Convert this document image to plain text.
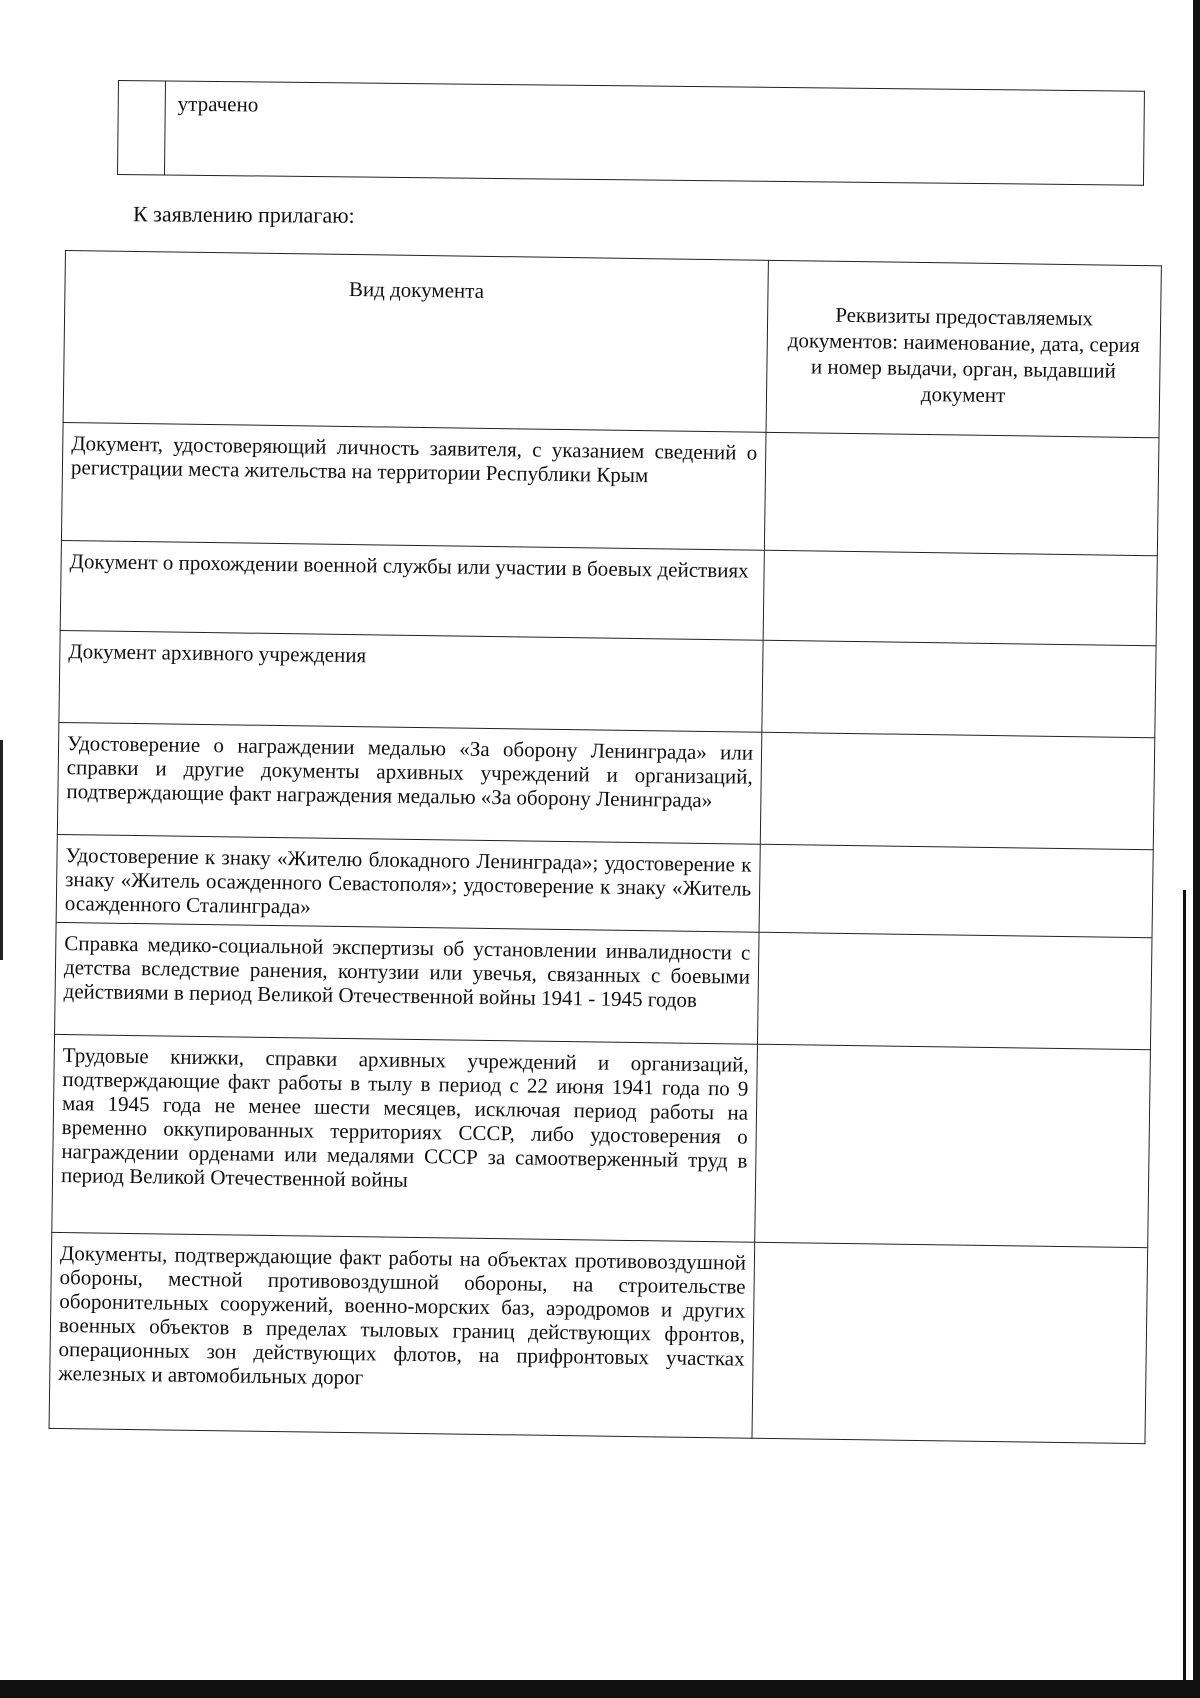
	утрачено
К заявлению прилагаю:
Вид документа	Реквизиты предоставляемых документов: наименование, дата, серия и номер выдачи, орган, выдавший документ
Документ, удостоверяющий личность заявителя, с указанием сведений о регистрации места жительства на территории Республики Крым	
Документ о прохождении военной службы или участии в боевых действиях	
Документ архивного учреждения	
Удостоверение о награждении медалью «За оборону Ленинграда» или справки и другие документы архивных учреждений и организаций, подтверждающие факт награждения медалью «За оборону Ленинграда»	
Удостоверение к знаку «Жителю блокадного Ленинграда»; удостоверение к знаку «Житель осажденного Севастополя»; удостоверение к знаку «Житель осажденного Сталинграда»	
Справка медико-социальной экспертизы об установлении инвалидности с детства вследствие ранения, контузии или увечья, связанных с боевыми действиями в период Великой Отечественной войны 1941 - 1945 годов	
Трудовые книжки, справки архивных учреждений и организаций, подтверждающие факт работы в тылу в период с 22 июня 1941 года по 9 мая 1945 года не менее шести месяцев, исключая период работы на временно оккупированных территориях СССР, либо удостоверения о награждении орденами или медалями СССР за самоотверженный труд в период Великой Отечественной войны	
Документы, подтверждающие факт работы на объектах противовоздушной обороны, местной противовоздушной обороны, на строительстве оборонительных сооружений, военно-морских баз, аэродромов и других военных объектов в пределах тыловых границ действующих фронтов, операционных зон действующих флотов, на прифронтовых участках железных и автомобильных дорог	
